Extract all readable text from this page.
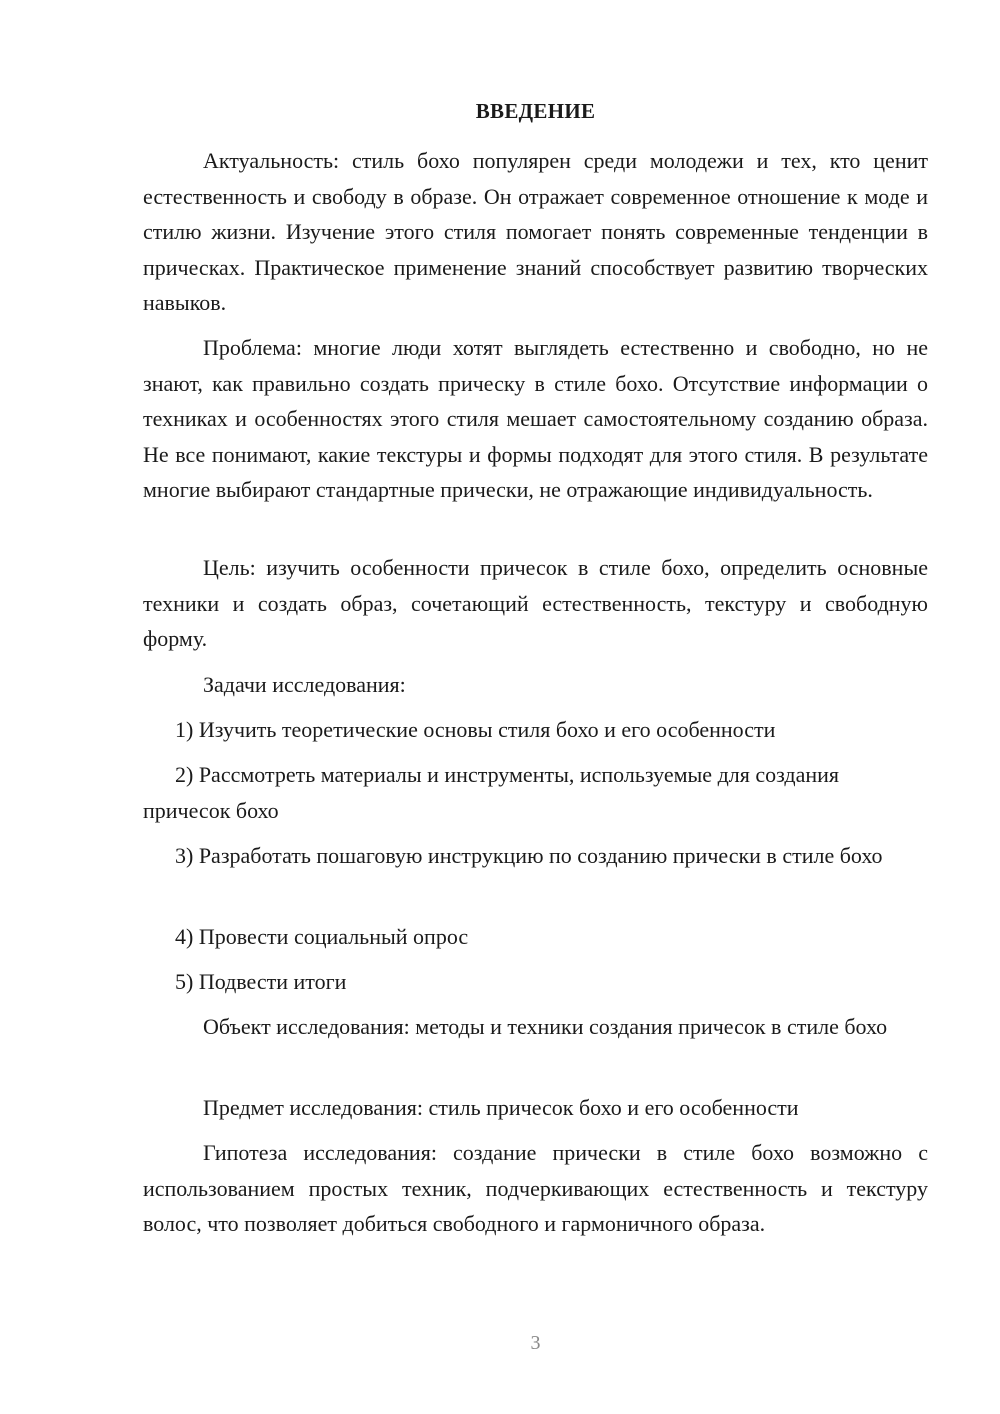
ВВЕДЕНИЕ

Актуальность: стиль бохо популярен среди молодежи и тех, кто ценит естественность и свободу в образе. Он отражает современное отношение к моде и стилю жизни. Изучение этого стиля помогает понять современные тенденции в прическах. Практическое применение знаний способствует развитию творческих навыков.

Проблема: многие люди хотят выглядеть естественно и свободно, но не знают, как правильно создать прическу в стиле бохо. Отсутствие информации о техниках и особенностях этого стиля мешает самостоятельному созданию образа. Не все понимают, какие текстуры и формы подходят для этого стиля. В результате многие выбирают стандартные прически, не отражающие индивидуальность.

Цель: изучить особенности причесок в стиле бохо, определить основные техники и создать образ, сочетающий естественность, текстуру и свободную форму.

Задачи исследования:

1) Изучить теоретические основы стиля бохо и его особенности

2) Рассмотреть материалы и инструменты, используемые для создания причесок бохо

3) Разработать пошаговую инструкцию по созданию прически в стиле бохо

4) Провести социальный опрос

5) Подвести итоги

Объект исследования: методы и техники создания причесок в стиле бохо

Предмет исследования: стиль причесок бохо и его особенности

Гипотеза исследования: создание прически в стиле бохо возможно с использованием простых техник, подчеркивающих естественность и текстуру волос, что позволяет добиться свободного и гармоничного образа.

3
